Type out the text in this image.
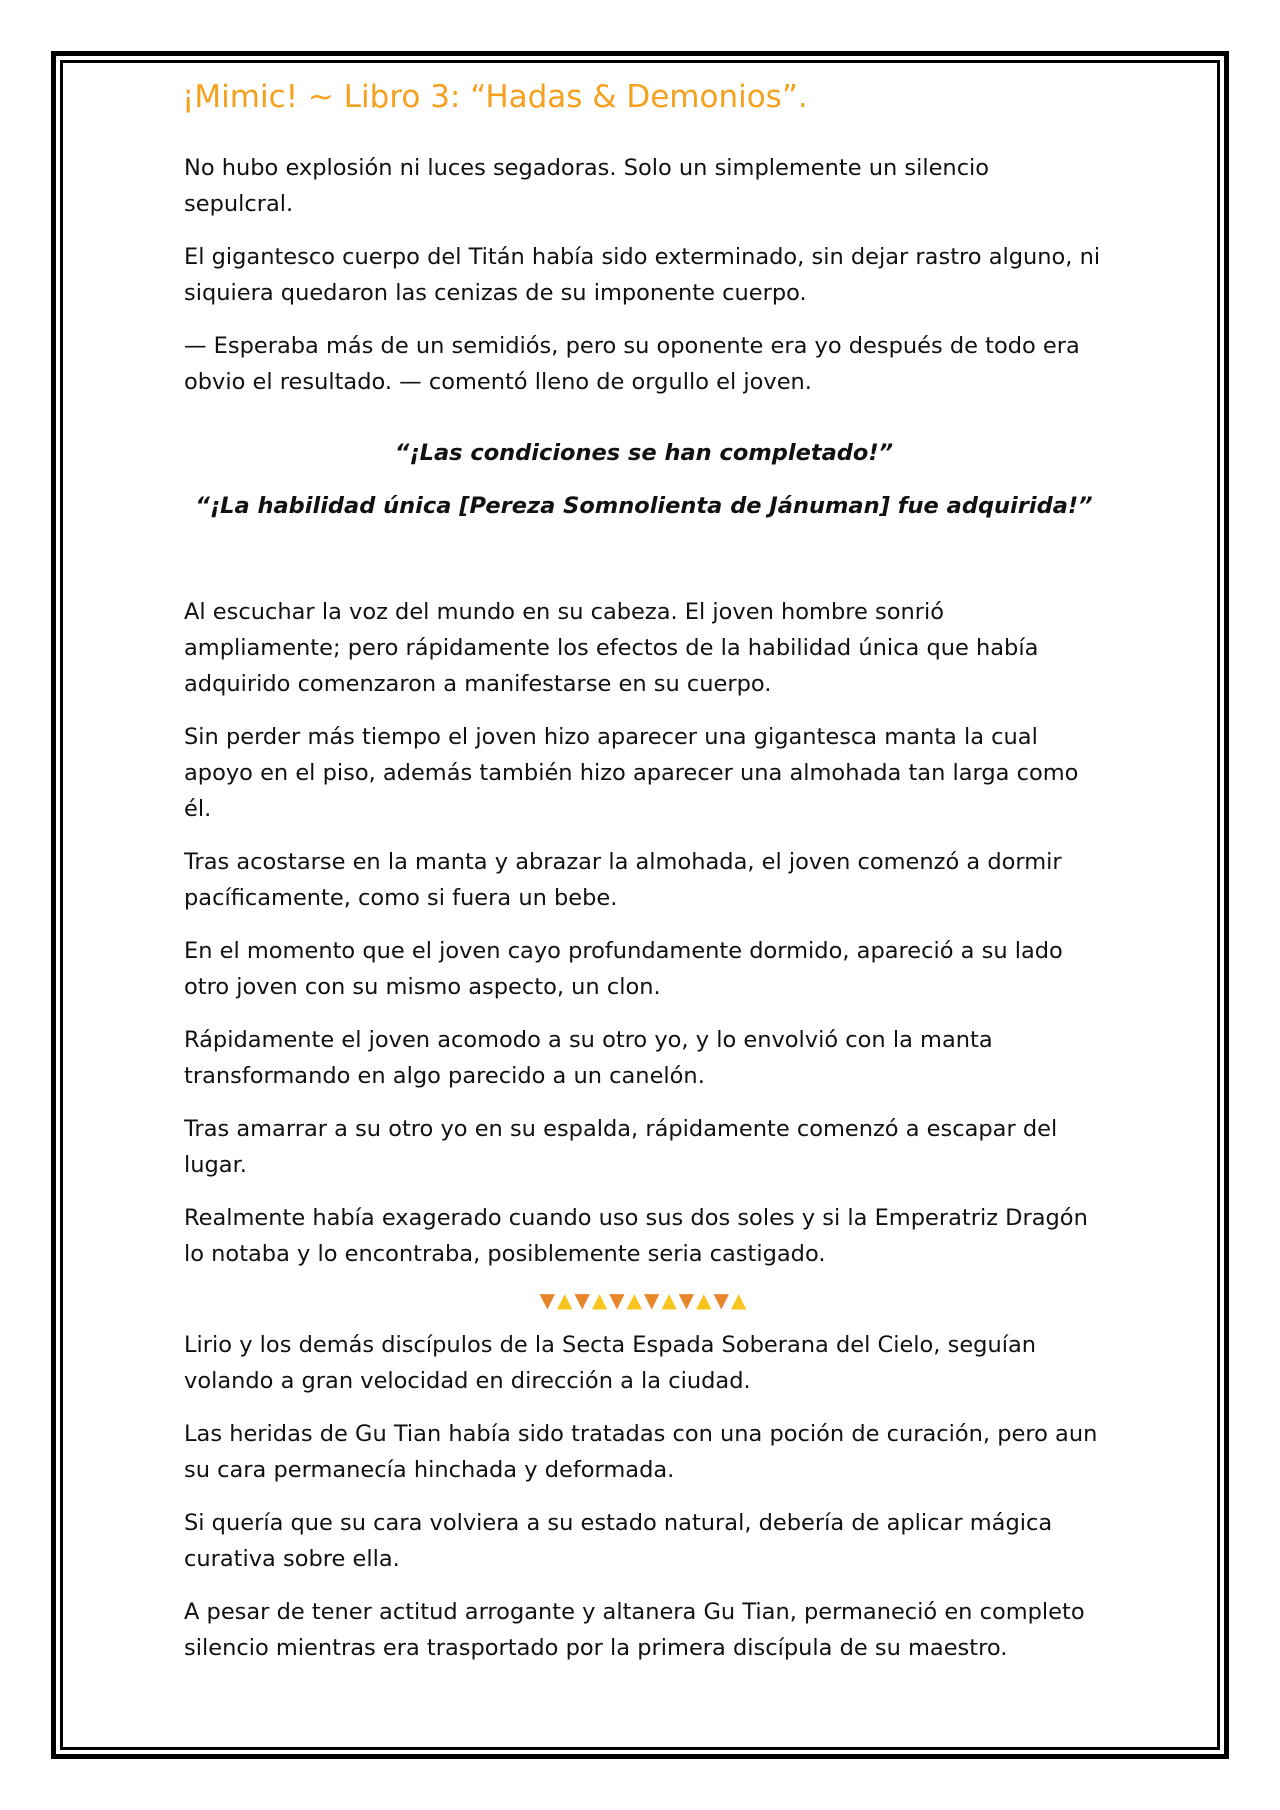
¡Mimic! ~ Libro 3: “Hadas & Demonios”.

No hubo explosión ni luces segadoras. Solo un simplemente un silencio sepulcral.

El gigantesco cuerpo del Titán había sido exterminado, sin dejar rastro alguno, ni siquiera quedaron las cenizas de su imponente cuerpo.

— Esperaba más de un semidiós, pero su oponente era yo después de todo era obvio el resultado. — comentó lleno de orgullo el joven.

“¡Las condiciones se han completado!”

“¡La habilidad única [Pereza Somnolienta de Jánuman] fue adquirida!”

Al escuchar la voz del mundo en su cabeza. El joven hombre sonrió ampliamente; pero rápidamente los efectos de la habilidad única que había adquirido comenzaron a manifestarse en su cuerpo.

Sin perder más tiempo el joven hizo aparecer una gigantesca manta la cual apoyo en el piso, además también hizo aparecer una almohada tan larga como él.

Tras acostarse en la manta y abrazar la almohada, el joven comenzó a dormir pacíficamente, como si fuera un bebe.

En el momento que el joven cayo profundamente dormido, apareció a su lado otro joven con su mismo aspecto, un clon.

Rápidamente el joven acomodo a su otro yo, y lo envolvió con la manta transformando en algo parecido a un canelón.

Tras amarrar a su otro yo en su espalda, rápidamente comenzó a escapar del lugar.

Realmente había exagerado cuando uso sus dos soles y si la Emperatriz Dragón lo notaba y lo encontraba, posiblemente seria castigado.

▼▲▼▲▼▲▼▲▼▲▼▲

Lirio y los demás discípulos de la Secta Espada Soberana del Cielo, seguían volando a gran velocidad en dirección a la ciudad.

Las heridas de Gu Tian había sido tratadas con una poción de curación, pero aun su cara permanecía hinchada y deformada.

Si quería que su cara volviera a su estado natural, debería de aplicar mágica curativa sobre ella.

A pesar de tener actitud arrogante y altanera Gu Tian, permaneció en completo silencio mientras era trasportado por la primera discípula de su maestro.
